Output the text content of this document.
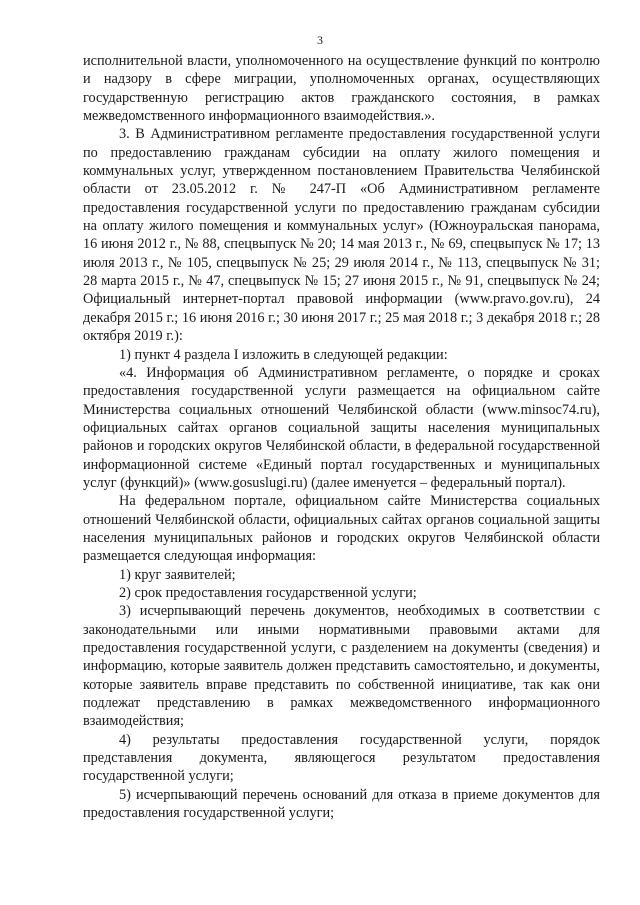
3

исполнительной власти, уполномоченного на осуществление функций по контролю и надзору в сфере миграции, уполномоченных органах, осуществляющих государственную регистрацию актов гражданского состояния, в рамках межведомственного информационного взаимодействия.».

3. В Административном регламенте предоставления государственной услуги по предоставлению гражданам субсидии на оплату жилого помещения и коммунальных услуг, утвержденном постановлением Правительства Челябинской области от 23.05.2012 г. № 247-П «Об Административном регламенте предоставления государственной услуги по предоставлению гражданам субсидии на оплату жилого помещения и коммунальных услуг» (Южноуральская панорама, 16 июня 2012 г., № 88, спецвыпуск № 20; 14 мая 2013 г., № 69, спецвыпуск № 17; 13 июля 2013 г., № 105, спецвыпуск № 25; 29 июля 2014 г., № 113, спецвыпуск № 31; 28 марта 2015 г., № 47, спецвыпуск № 15; 27 июня 2015 г., № 91, спецвыпуск № 24; Официальный интернет-портал правовой информации (www.pravo.gov.ru), 24 декабря 2015 г.; 16 июня 2016 г.; 30 июня 2017 г.; 25 мая 2018 г.; 3 декабря 2018 г.; 28 октября 2019 г.):

1) пункт 4 раздела I изложить в следующей редакции:

«4. Информация об Административном регламенте, о порядке и сроках предоставления государственной услуги размещается на официальном сайте Министерства социальных отношений Челябинской области (www.minsoc74.ru), официальных сайтах органов социальной защиты населения муниципальных районов и городских округов Челябинской области, в федеральной государственной информационной системе «Единый портал государственных и муниципальных услуг (функций)» (www.gosuslugi.ru) (далее именуется – федеральный портал).

На федеральном портале, официальном сайте Министерства социальных отношений Челябинской области, официальных сайтах органов социальной защиты населения муниципальных районов и городских округов Челябинской области размещается следующая информация:

1) круг заявителей;

2) срок предоставления государственной услуги;

3) исчерпывающий перечень документов, необходимых в соответствии с законодательными или иными нормативными правовыми актами для предоставления государственной услуги, с разделением на документы (сведения) и информацию, которые заявитель должен представить самостоятельно, и документы, которые заявитель вправе представить по собственной инициативе, так как они подлежат представлению в рамках межведомственного информационного взаимодействия;

4) результаты предоставления государственной услуги, порядок представления документа, являющегося результатом предоставления государственной услуги;

5) исчерпывающий перечень оснований для отказа в приеме документов для предоставления государственной услуги;
